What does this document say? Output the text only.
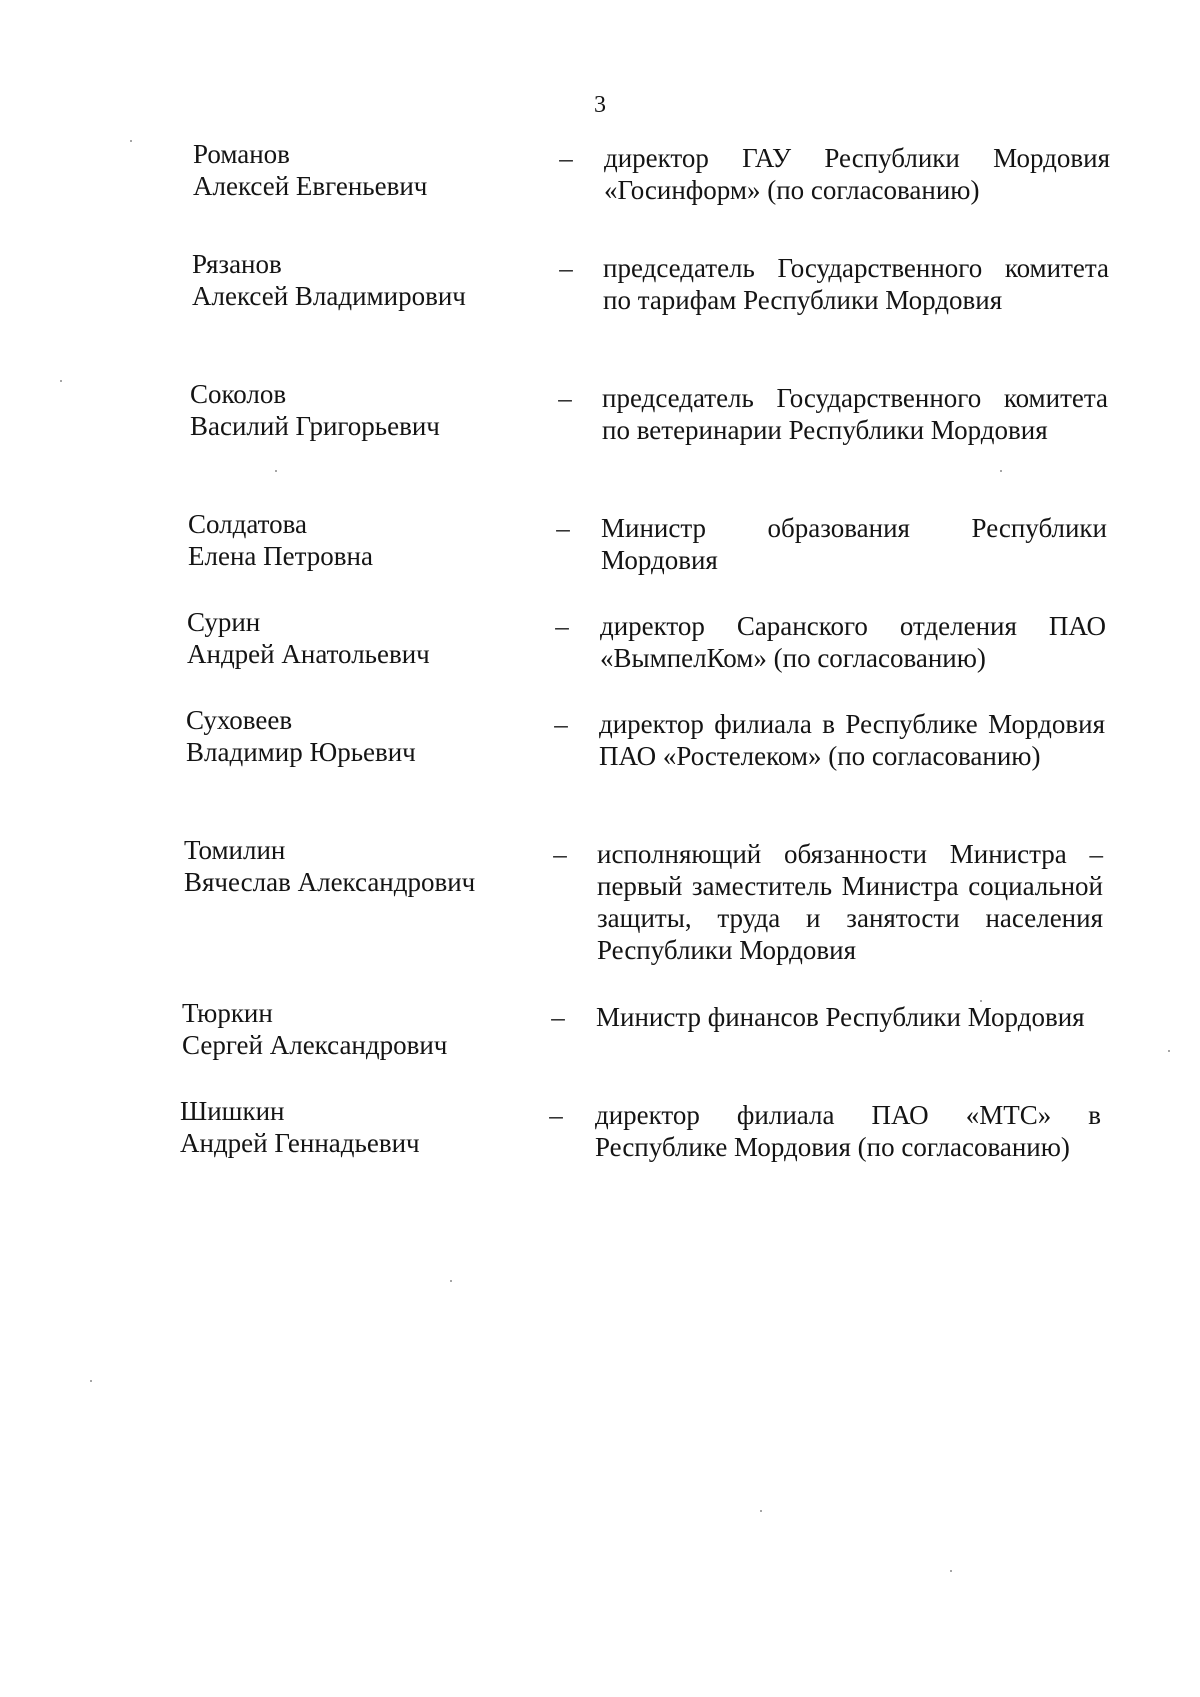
3
Романов
Алексей Евгеньевич
– директор ГАУ Республики Мордовия «Госинформ» (по согласованию)
Рязанов
Алексей Владимирович
– председатель Государственного комитета по тарифам Республики Мордовия
Соколов
Василий Григорьевич
– председатель Государственного комитета по ветеринарии Республики Мордовия
Солдатова
Елена Петровна
– Министр образования Республики Мордовия
Сурин
Андрей Анатольевич
– директор Саранского отделения ПАО «ВымпелКом» (по согласованию)
Суховеев
Владимир Юрьевич
– директор филиала в Республике Мордовия ПАО «Ростелеком» (по согласованию)
Томилин
Вячеслав Александрович
– исполняющий обязанности Министра – первый заместитель Министра социальной защиты, труда и занятости населения Республики Мордовия
Тюркин
Сергей Александрович
– Министр финансов Республики Мордовия
Шишкин
Андрей Геннадьевич
– директор филиала ПАО «МТС» в Республике Мордовия (по согласованию)
